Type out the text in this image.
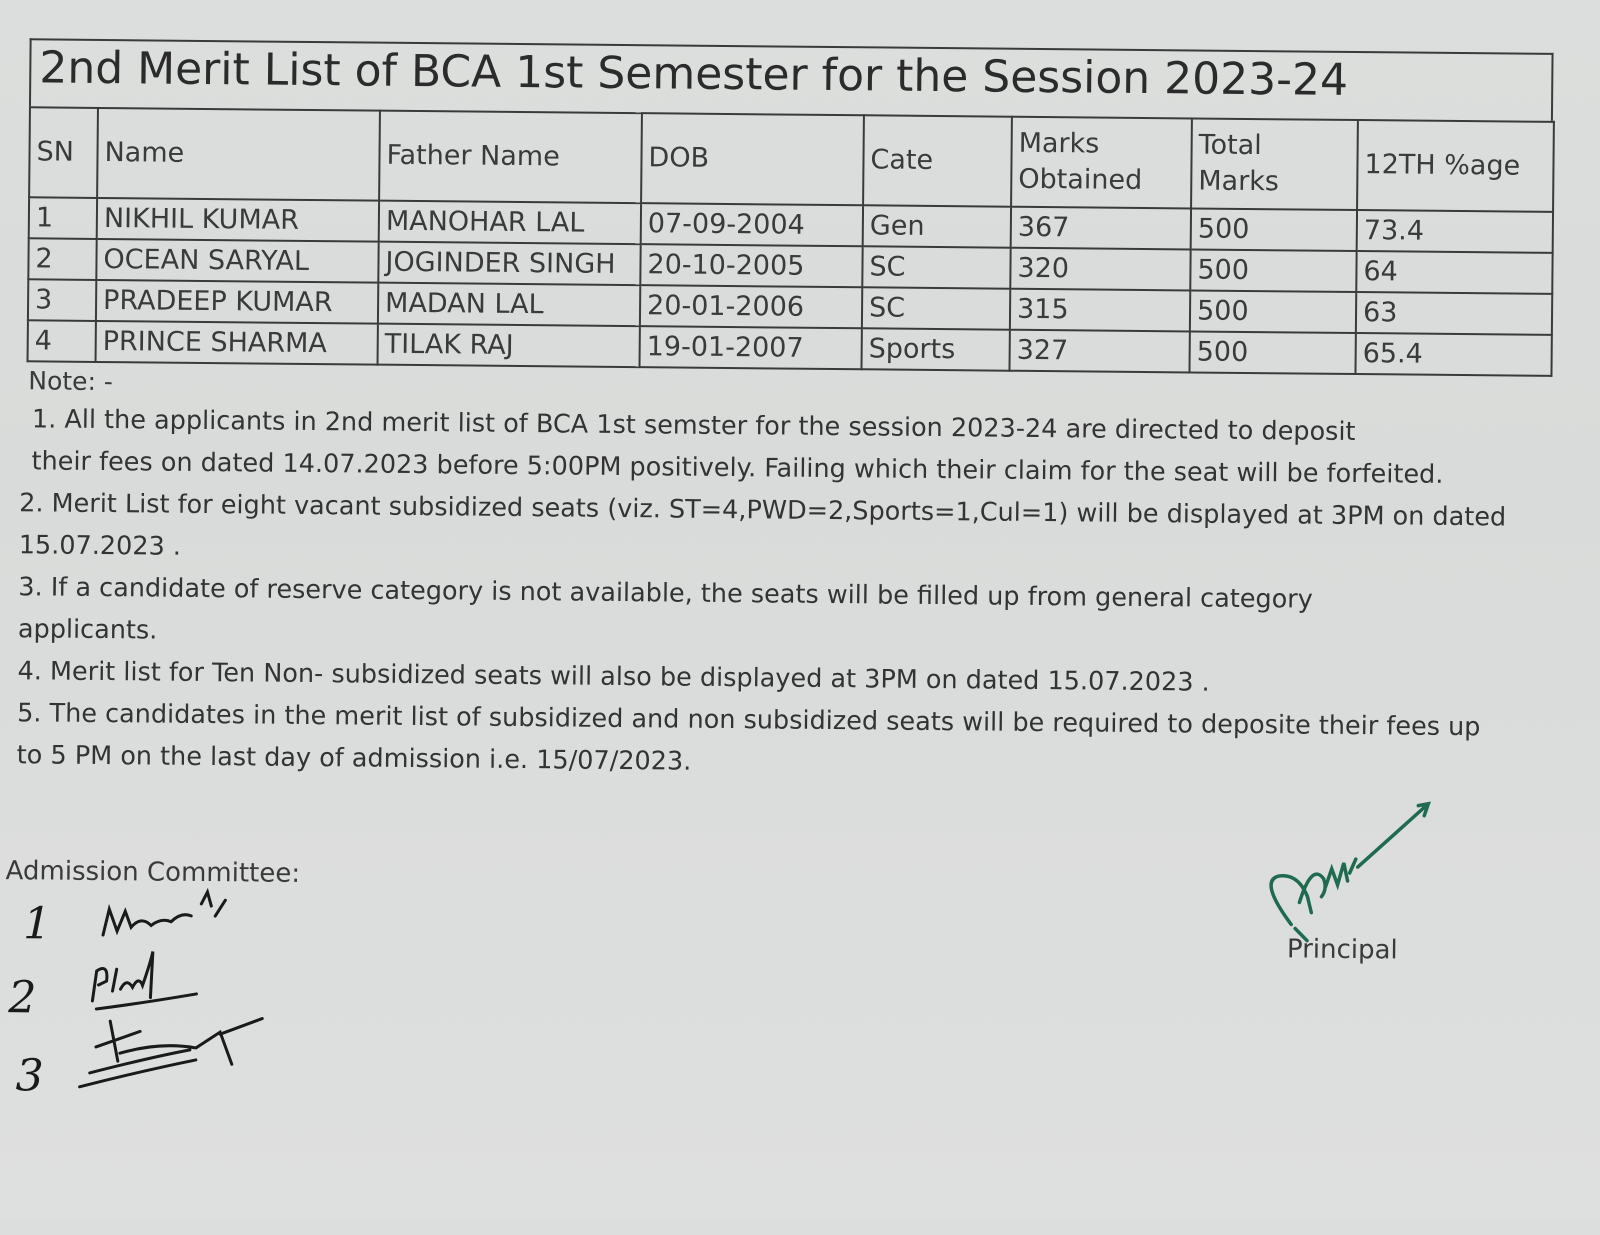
2nd Merit List of BCA 1st Semester for the Session 2023-24
SN	Name	Father Name	DOB	Cate	Marks Obtained	Total Marks	12TH %age
1	NIKHIL KUMAR	MANOHAR LAL	07-09-2004	Gen	367	500	73.4
2	OCEAN SARYAL	JOGINDER SINGH	20-10-2005	SC	320	500	64
3	PRADEEP KUMAR	MADAN LAL	20-01-2006	SC	315	500	63
4	PRINCE SHARMA	TILAK RAJ	19-01-2007	Sports	327	500	65.4
Note: -

1. All the applicants in 2nd merit list of BCA 1st semster for the session 2023-24 are directed to deposit

their fees on dated 14.07.2023 before 5:00PM positively. Failing which their claim for the seat will be forfeited.

2. Merit List for eight vacant subsidized seats (viz. ST=4,PWD=2,Sports=1,Cul=1) will be displayed at 3PM on dated

15.07.2023 .

3. If a candidate of reserve category is not available, the seats will be filled up from general category

applicants.

4. Merit list for Ten Non- subsidized seats will also be displayed at 3PM on dated 15.07.2023 .

5. The candidates in the merit list of subsidized and non subsidized seats will be required to deposite their fees up

to 5 PM on the last day of admission i.e. 15/07/2023.

Admission Committee:
1
2
3
Principal
